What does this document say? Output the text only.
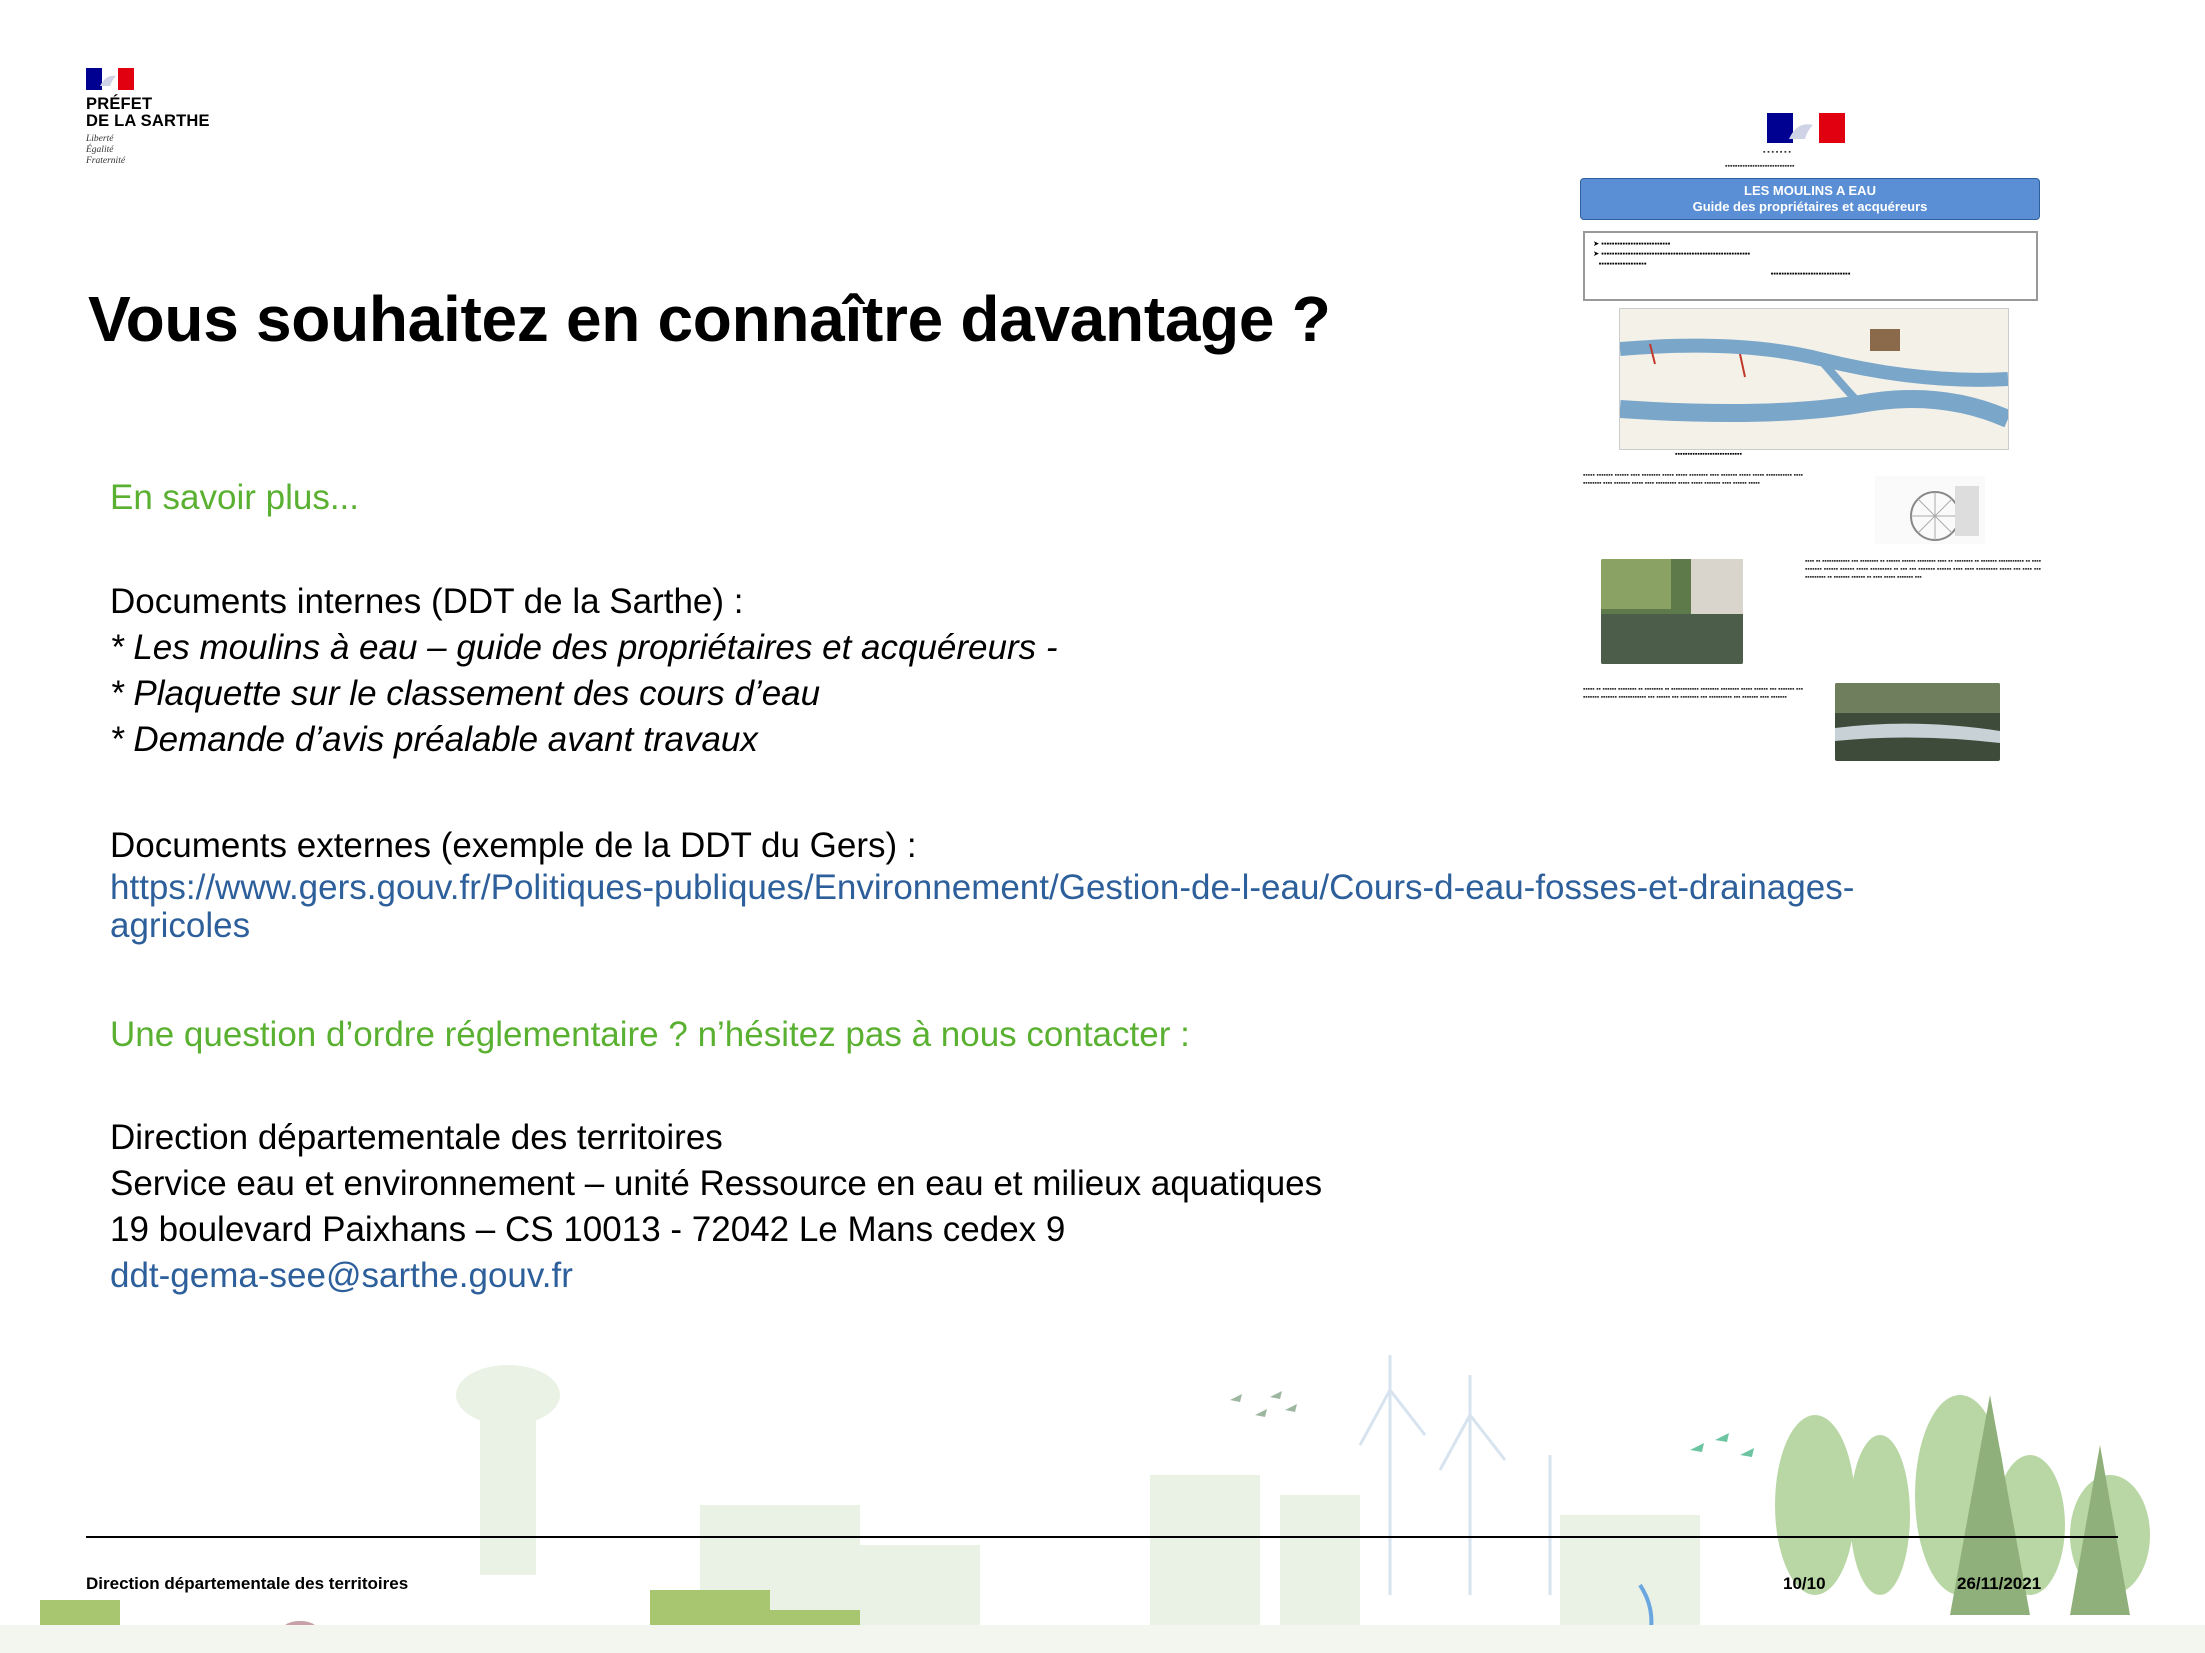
PRÉFET
DE LA SARTHE
Liberté
Égalité
Fraternité
Vous souhaitez en connaître davantage ?
En savoir plus...
Documents internes (DDT de la Sarthe) :
* Les moulins à eau – guide des propriétaires et acquéreurs -
* Plaquette sur le classement des cours d’eau
* Demande d’avis préalable avant travaux
Documents externes (exemple de la DDT du Gers) :
https://www.gers.gouv.fr/Politiques-publiques/Environnement/Gestion-de-l-eau/Cours-d-eau-fosses-et-drainages-
agricoles
Une question d’ordre réglementaire ? n’hésitez pas à nous contacter :
Direction départementale des territoires
Service eau et environnement – unité Ressource en eau et milieux aquatiques
19 boulevard Paixhans – CS 10013 - 72042 Le Mans cedex 9
ddt-gema-see@sarthe.gouv.fr
▪ ▪ ▪ ▪ ▪ ▪ ▪
▪▪▪▪▪▪▪▪▪▪▪▪▪▪▪▪▪▪▪▪▪▪▪▪▪▪▪▪
LES MOULINS A EAU
Guide des propriétaires et acquéreurs
➤ ▪▪▪▪▪▪▪▪▪▪▪▪▪▪▪▪▪▪▪▪▪▪▪▪▪▪
➤ ▪▪▪▪▪▪▪▪▪▪▪▪▪▪▪▪▪▪▪▪▪▪▪▪▪▪▪▪▪▪▪▪▪▪▪▪▪▪▪▪▪▪▪▪▪▪▪▪▪▪▪▪▪▪▪▪
▪▪▪▪▪▪▪▪▪▪▪▪▪▪▪▪▪▪
▪▪▪▪▪▪▪▪▪▪▪▪▪▪▪▪▪▪▪▪▪▪▪▪▪▪▪▪▪▪
▪▪▪▪▪▪▪▪▪▪▪▪▪▪▪▪▪▪▪▪▪▪▪▪▪▪▪
▪▪▪▪▪ ▪▪▪▪▪▪▪ ▪▪▪▪▪▪ ▪▪▪▪ ▪▪▪▪▪▪▪▪ ▪▪▪▪▪ ▪▪▪▪▪ ▪▪▪▪▪▪▪▪ ▪▪▪▪ ▪▪▪▪▪▪▪ ▪▪▪▪▪ ▪▪▪▪▪ ▪▪▪▪▪▪▪▪▪▪▪ ▪▪▪▪ ▪▪▪▪▪▪▪▪ ▪▪▪▪ ▪▪▪▪▪▪▪ ▪▪▪▪▪ ▪▪▪▪ ▪▪▪▪▪▪▪▪▪ ▪▪▪▪▪ ▪▪▪▪▪ ▪▪▪▪▪▪▪ ▪▪▪▪ ▪▪▪▪▪▪ ▪▪▪▪▪
▪▪▪▪ ▪▪ ▪▪▪▪▪▪▪▪▪▪▪▪ ▪▪▪ ▪▪▪▪▪▪▪▪ ▪▪ ▪▪▪▪▪▪ ▪▪▪▪▪▪ ▪▪▪▪▪▪▪▪ ▪▪▪▪ ▪▪ ▪▪▪▪▪▪▪▪ ▪▪ ▪▪▪▪▪▪▪ ▪▪▪▪▪▪▪▪▪▪▪ ▪▪ ▪▪▪▪ ▪▪▪▪▪▪▪ ▪▪▪▪▪▪ ▪▪▪▪▪▪ ▪▪▪▪▪ ▪▪▪▪▪▪▪▪▪ ▪▪ ▪▪▪ ▪▪▪ ▪▪▪▪▪▪▪ ▪▪▪▪▪▪ ▪▪▪▪ ▪▪▪▪ ▪▪▪▪▪▪▪▪▪ ▪▪▪▪▪ ▪▪▪ ▪▪▪▪ ▪▪▪ ▪▪▪▪▪▪▪▪▪ ▪▪ ▪▪▪▪▪▪▪ ▪▪▪▪▪▪ ▪▪ ▪▪▪▪ ▪▪▪▪▪ ▪▪▪▪▪▪▪ ▪▪▪
▪▪▪▪▪ ▪▪ ▪▪▪▪▪▪ ▪▪▪▪▪▪▪▪ ▪▪ ▪▪▪▪▪▪▪▪ ▪▪ ▪▪▪▪▪▪▪▪▪▪▪▪ ▪▪▪▪▪▪▪▪ ▪▪▪▪▪▪▪▪ ▪▪▪▪▪ ▪▪▪▪▪▪ ▪▪▪ ▪▪▪▪▪▪▪ ▪▪▪ ▪▪▪▪▪▪▪ ▪▪▪▪▪▪▪ ▪▪▪▪▪▪▪▪▪▪▪▪ ▪▪▪ ▪▪▪▪▪▪ ▪▪▪ ▪▪▪▪▪▪▪▪ ▪▪▪ ▪▪▪▪▪▪▪▪▪▪ ▪▪▪ ▪▪▪▪▪▪▪ ▪▪▪▪ ▪▪▪▪▪▪▪
Direction départementale des territoires	10/10	26/11/2021
